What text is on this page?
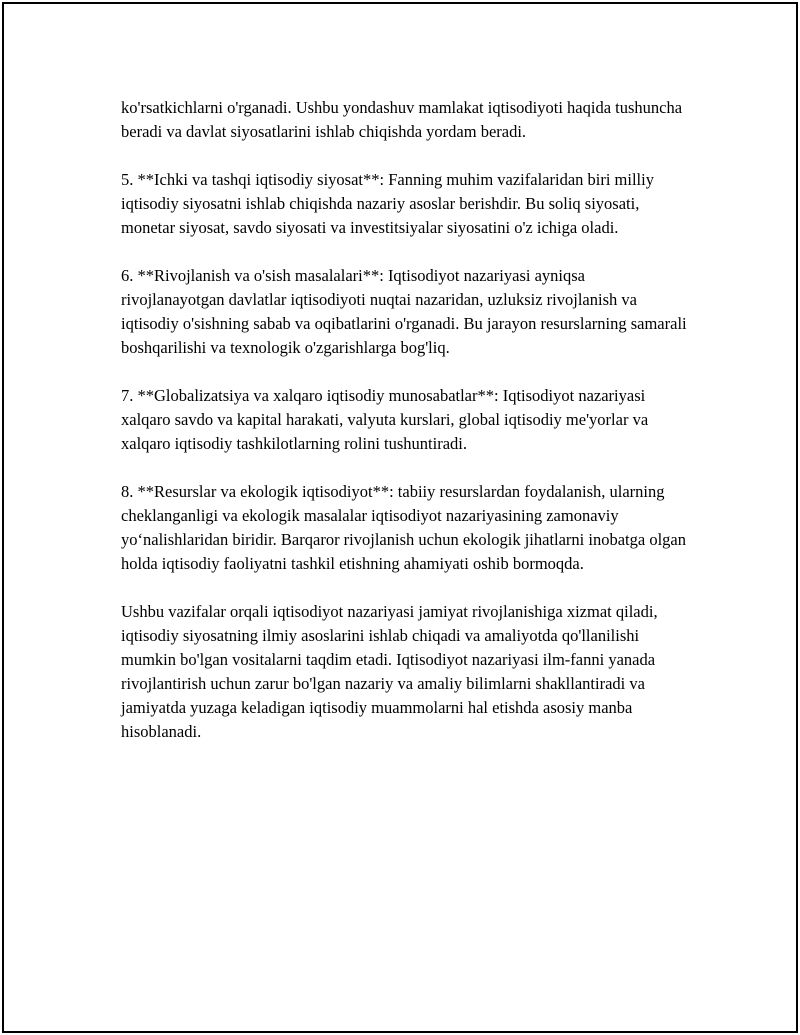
ko'rsatkichlarni o'rganadi. Ushbu yondashuv mamlakat iqtisodiyoti haqida tushuncha beradi va davlat siyosatlarini ishlab chiqishda yordam beradi.

5. **Ichki va tashqi iqtisodiy siyosat**: Fanning muhim vazifalaridan biri milliy iqtisodiy siyosatni ishlab chiqishda nazariy asoslar berishdir. Bu soliq siyosati, monetar siyosat, savdo siyosati va investitsiyalar siyosatini o'z ichiga oladi.

6. **Rivojlanish va o'sish masalalari**: Iqtisodiyot nazariyasi ayniqsa rivojlanayotgan davlatlar iqtisodiyoti nuqtai nazaridan, uzluksiz rivojlanish va iqtisodiy o'sishning sabab va oqibatlarini o'rganadi. Bu jarayon resurslarning samarali boshqarilishi va texnologik o'zgarishlarga bog'liq.

7. **Globalizatsiya va xalqaro iqtisodiy munosabatlar**: Iqtisodiyot nazariyasi xalqaro savdo va kapital harakati, valyuta kurslari, global iqtisodiy me'yorlar va xalqaro iqtisodiy tashkilotlarning rolini tushuntiradi.

8. **Resurslar va ekologik iqtisodiyot**: tabiiy resurslardan foydalanish, ularning cheklanganligi va ekologik masalalar iqtisodiyot nazariyasining zamonaviy yo‘nalishlaridan biridir. Barqaror rivojlanish uchun ekologik jihatlarni inobatga olgan holda iqtisodiy faoliyatni tashkil etishning ahamiyati oshib bormoqda.

Ushbu vazifalar orqali iqtisodiyot nazariyasi jamiyat rivojlanishiga xizmat qiladi, iqtisodiy siyosatning ilmiy asoslarini ishlab chiqadi va amaliyotda qo'llanilishi mumkin bo'lgan vositalarni taqdim etadi. Iqtisodiyot nazariyasi ilm-fanni yanada rivojlantirish uchun zarur bo'lgan nazariy va amaliy bilimlarni shakllantiradi va jamiyatda yuzaga keladigan iqtisodiy muammolarni hal etishda asosiy manba hisoblanadi.
